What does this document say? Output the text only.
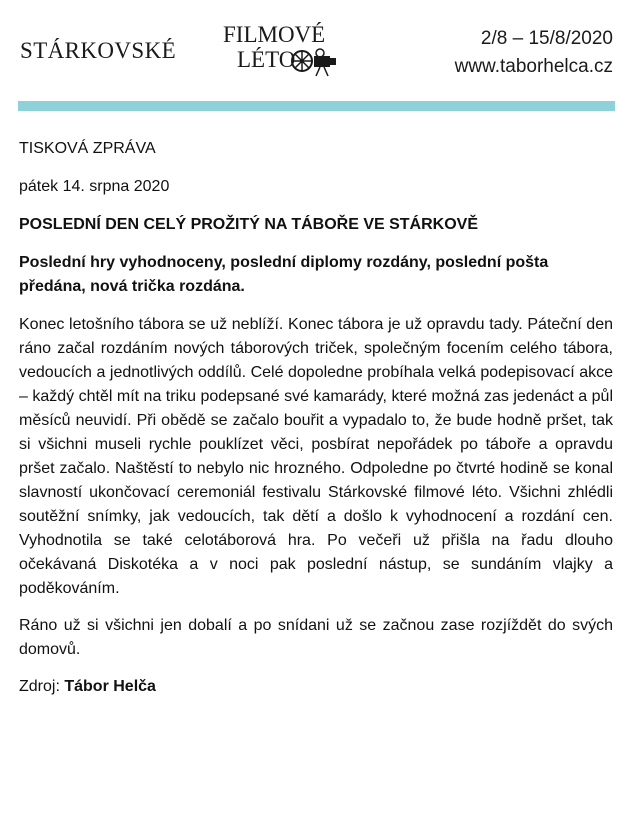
STÁRKOVSKÉ
FILMOVÉ
LÉTO
2/8 – 15/8/2020
www.taborhelca.cz

TISKOVÁ ZPRÁVA

pátek 14. srpna 2020

POSLEDNÍ DEN CELÝ PROŽITÝ NA TÁBOŘE VE STÁRKOVĚ

Poslední hry vyhodnoceny, poslední diplomy rozdány, poslední pošta předána, nová trička rozdána.

Konec letošního tábora se už neblíží. Konec tábora je už opravdu tady. Páteční den ráno začal rozdáním nových táborových triček, společným focením celého tábora, vedoucích a jednotlivých oddílů. Celé dopoledne probíhala velká podepisovací akce – každý chtěl mít na triku podepsané své kamarády, které možná zas jedenáct a půl měsíců neuvidí. Při obědě se začalo bouřit a vypadalo to, že bude hodně pršet, tak si všichni museli rychle pouklízet věci, posbírat nepořádek po táboře a opravdu pršet začalo. Naštěstí to nebylo nic hrozného. Odpoledne po čtvrté hodině se konal slavností ukončovací ceremoniál festivalu Stárkovské filmové léto. Všichni zhlédli soutěžní snímky, jak vedoucích, tak dětí a došlo k vyhodnocení a rozdání cen. Vyhodnotila se také celotáborová hra. Po večeři už přišla na řadu dlouho očekávaná Diskotéka a v noci pak poslední nástup, se sundáním vlajky a poděkováním.

Ráno už si všichni jen dobalí a po snídani už se začnou zase rozjíždět do svých domovů.

Zdroj: Tábor Helča
